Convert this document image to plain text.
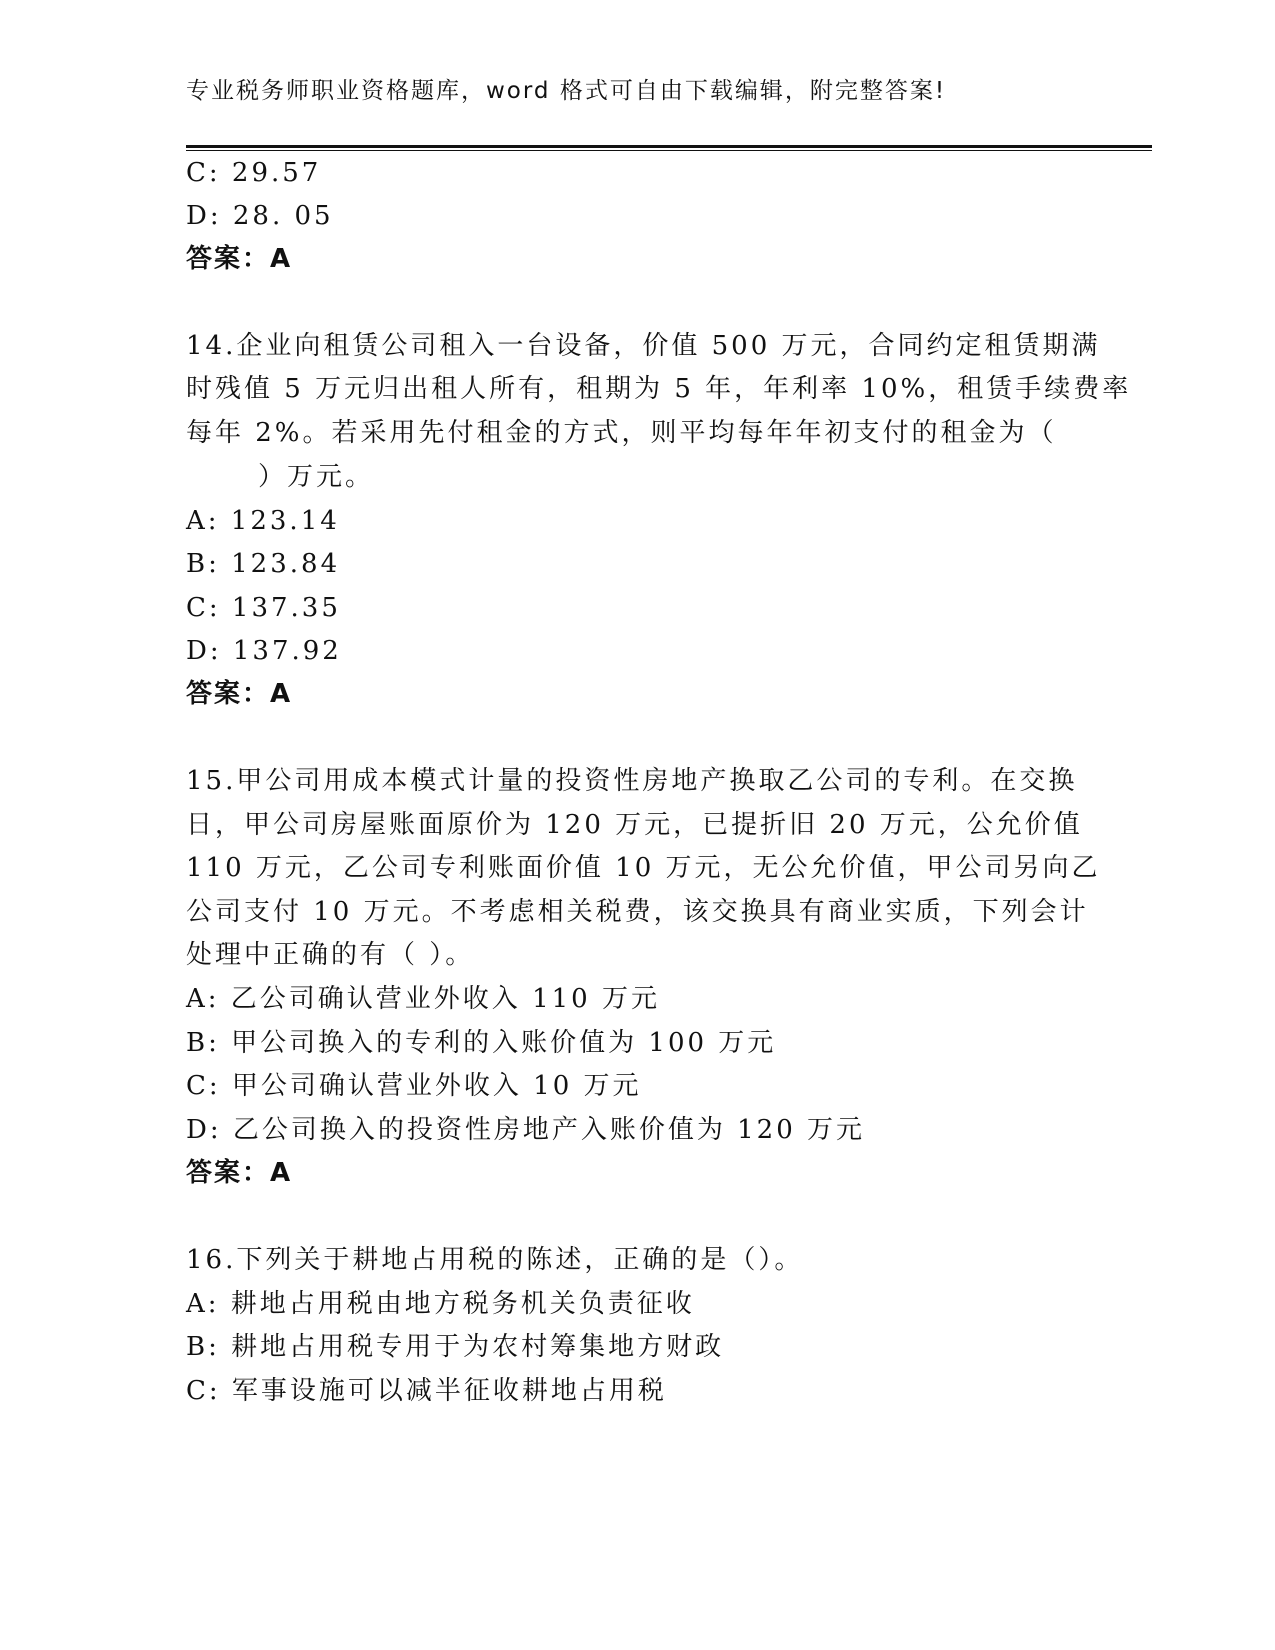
专业税务师职业资格题库，word 格式可自由下载编辑，附完整答案!
C: 29.57
D: 28. 05
答案：A
14.企业向租赁公司租入一台设备，价值 500 万元，合同约定租赁期满
时残值 5 万元归出租人所有，租期为 5 年，年利率 10%，租赁手续费率
每年 2%。若采用先付租金的方式，则平均每年年初支付的租金为（
）万元。
A: 123.14
B: 123.84
C: 137.35
D: 137.92
答案：A
15.甲公司用成本模式计量的投资性房地产换取乙公司的专利。在交换
日，甲公司房屋账面原价为 120 万元，已提折旧 20 万元，公允价值
110 万元，乙公司专利账面价值 10 万元，无公允价值，甲公司另向乙
公司支付 10 万元。不考虑相关税费，该交换具有商业实质，下列会计
处理中正确的有（ ）。
A: 乙公司确认营业外收入 110 万元
B: 甲公司换入的专利的入账价值为 100 万元
C: 甲公司确认营业外收入 10 万元
D: 乙公司换入的投资性房地产入账价值为 120 万元
答案：A
16.下列关于耕地占用税的陈述，正确的是（）。
A: 耕地占用税由地方税务机关负责征收
B: 耕地占用税专用于为农村筹集地方财政
C: 军事设施可以减半征收耕地占用税
